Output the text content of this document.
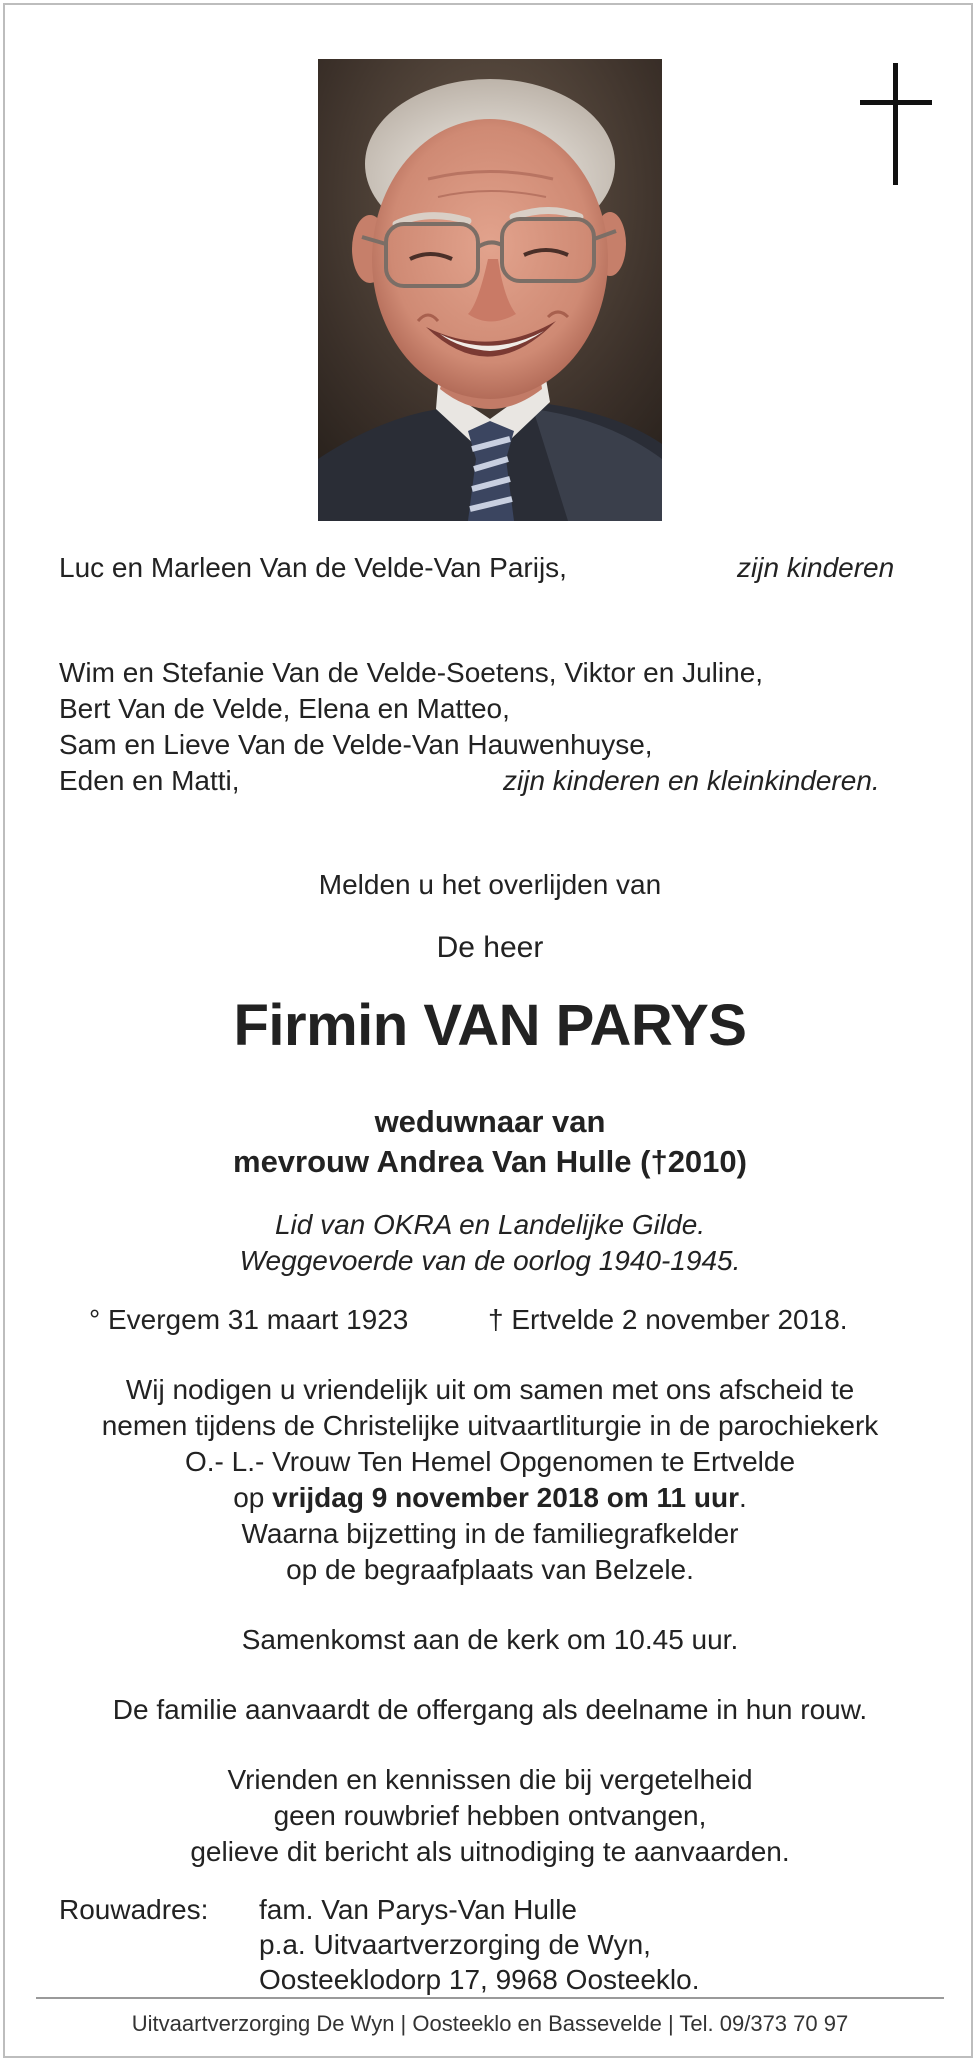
Luc en Marleen Van de Velde-Van Parijs,	zijn kinderen
Wim en Stefanie Van de Velde-Soetens, Viktor en Juline,
Bert Van de Velde, Elena en Matteo,
Sam en Lieve Van de Velde-Van Hauwenhuyse,
Eden en Matti,	zijn kinderen en kleinkinderen.
Melden u het overlijden van
De heer
Firmin VAN PARYS
weduwnaar van
mevrouw Andrea Van Hulle (†2010)
Lid van OKRA en Landelijke Gilde.
Weggevoerde van de oorlog 1940-1945.
° Evergem 31 maart 1923	† Ertvelde 2 november 2018.
Wij nodigen u vriendelijk uit om samen met ons afscheid te
nemen tijdens de Christelijke uitvaartliturgie in de parochiekerk
O.- L.- Vrouw Ten Hemel Opgenomen te Ertvelde
op vrijdag 9 november 2018 om 11 uur.
Waarna bijzetting in de familiegrafkelder
op de begraafplaats van Belzele.
Samenkomst aan de kerk om 10.45 uur.
De familie aanvaardt de offergang als deelname in hun rouw.
Vrienden en kennissen die bij vergetelheid
geen rouwbrief hebben ontvangen,
gelieve dit bericht als uitnodiging te aanvaarden.
Rouwadres: fam. Van Parys-Van Hulle
p.a. Uitvaartverzorging de Wyn,
Oosteeklodorp 17, 9968 Oosteeklo.
Uitvaartverzorging De Wyn | Oosteeklo en Bassevelde | Tel. 09/373 70 97
